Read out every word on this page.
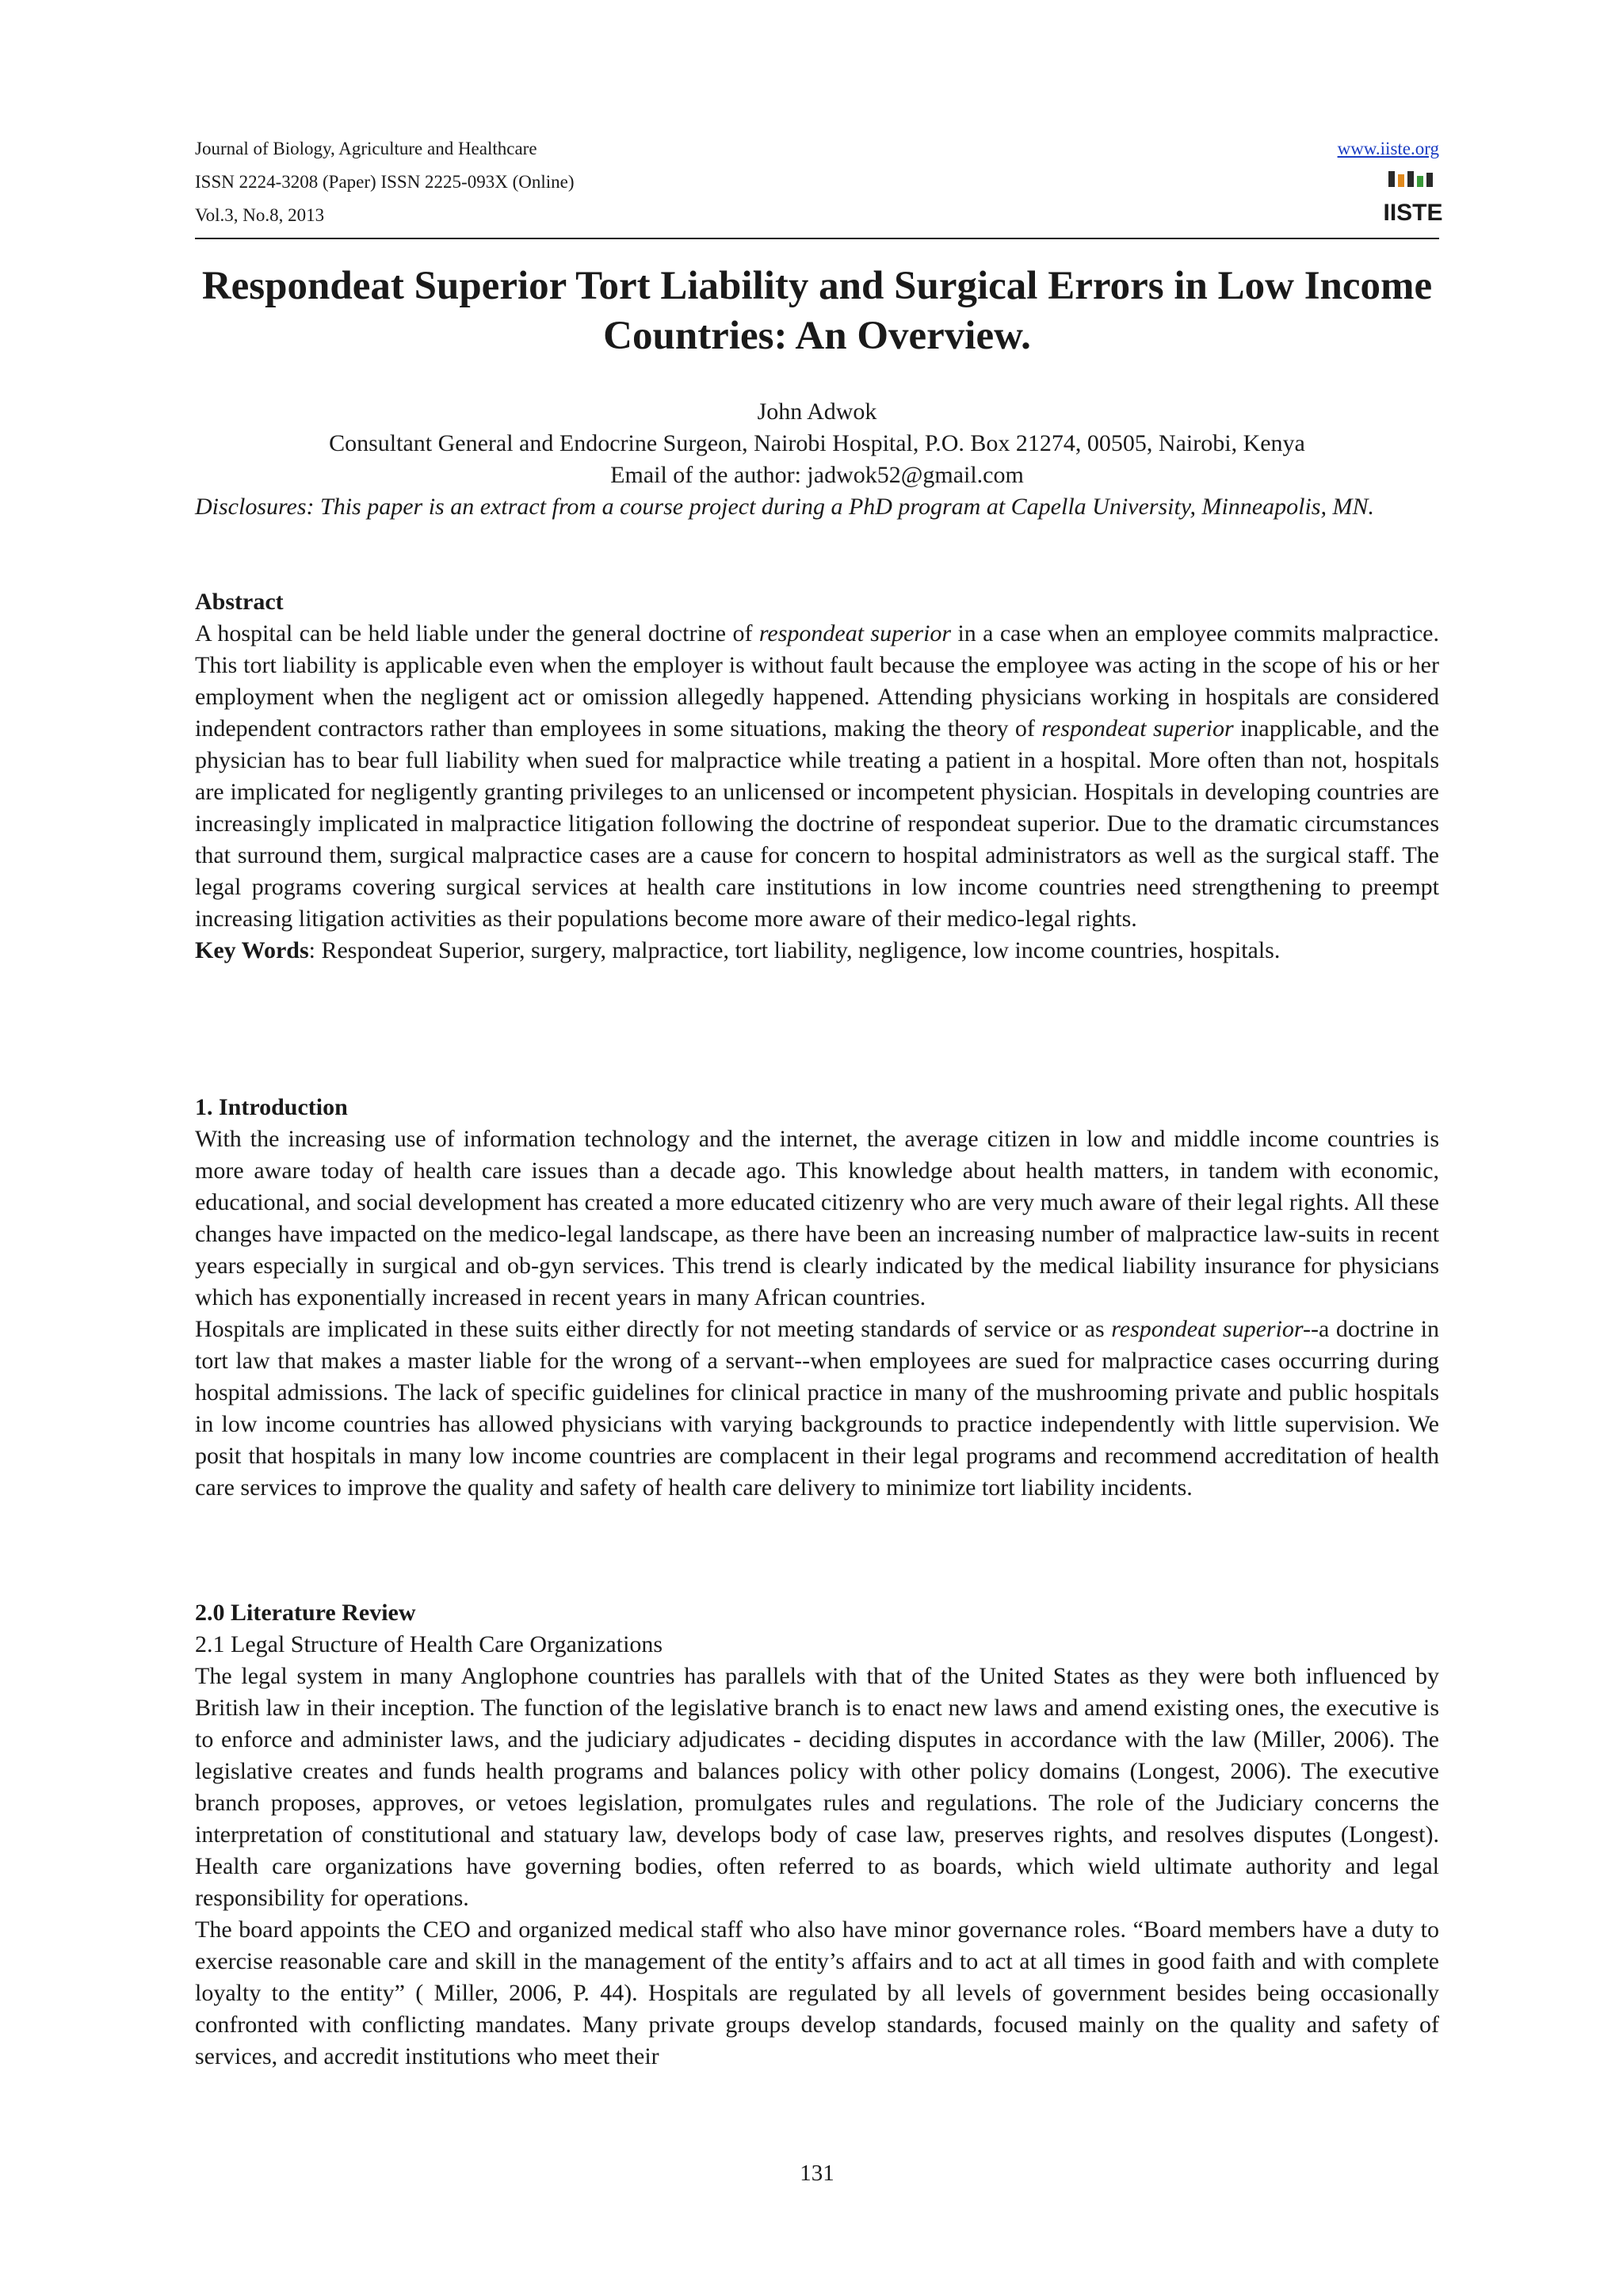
Journal of Biology, Agriculture and Healthcare
ISSN 2224-3208 (Paper) ISSN 2225-093X (Online)
Vol.3, No.8, 2013
www.iiste.org
IISTE
Respondeat Superior Tort Liability and Surgical Errors in Low Income Countries: An Overview.
John Adwok
Consultant General and Endocrine Surgeon, Nairobi Hospital, P.O. Box 21274, 00505, Nairobi, Kenya
Email of the author: jadwok52@gmail.com
Disclosures: This paper is an extract from a course project during a PhD program at Capella University, Minneapolis, MN.

Abstract

A hospital can be held liable under the general doctrine of respondeat superior in a case when an employee commits malpractice. This tort liability is applicable even when the employer is without fault because the employee was acting in the scope of his or her employment when the negligent act or omission allegedly happened. Attending physicians working in hospitals are considered independent contractors rather than employees in some situations, making the theory of respondeat superior inapplicable, and the physician has to bear full liability when sued for malpractice while treating a patient in a hospital. More often than not, hospitals are implicated for negligently granting privileges to an unlicensed or incompetent physician. Hospitals in developing countries are increasingly implicated in malpractice litigation following the doctrine of respondeat superior. Due to the dramatic circumstances that surround them, surgical malpractice cases are a cause for concern to hospital administrators as well as the surgical staff. The legal programs covering surgical services at health care institutions in low income countries need strengthening to preempt increasing litigation activities as their populations become more aware of their medico-legal rights.

Key Words: Respondeat Superior, surgery, malpractice, tort liability, negligence, low income countries, hospitals.

1. Introduction

With the increasing use of information technology and the internet, the average citizen in low and middle income countries is more aware today of health care issues than a decade ago. This knowledge about health matters, in tandem with economic, educational, and social development has created a more educated citizenry who are very much aware of their legal rights. All these changes have impacted on the medico-legal landscape, as there have been an increasing number of malpractice law-suits in recent years especially in surgical and ob-gyn services. This trend is clearly indicated by the medical liability insurance for physicians which has exponentially increased in recent years in many African countries.

Hospitals are implicated in these suits either directly for not meeting standards of service or as respondeat superior--a doctrine in tort law that makes a master liable for the wrong of a servant--when employees are sued for malpractice cases occurring during hospital admissions. The lack of specific guidelines for clinical practice in many of the mushrooming private and public hospitals in low income countries has allowed physicians with varying backgrounds to practice independently with little supervision. We posit that hospitals in many low income countries are complacent in their legal programs and recommend accreditation of health care services to improve the quality and safety of health care delivery to minimize tort liability incidents.

2.0 Literature Review

2.1 Legal Structure of Health Care Organizations

The legal system in many Anglophone countries has parallels with that of the United States as they were both influenced by British law in their inception. The function of the legislative branch is to enact new laws and amend existing ones, the executive is to enforce and administer laws, and the judiciary adjudicates - deciding disputes in accordance with the law (Miller, 2006). The legislative creates and funds health programs and balances policy with other policy domains (Longest, 2006). The executive branch proposes, approves, or vetoes legislation, promulgates rules and regulations. The role of the Judiciary concerns the interpretation of constitutional and statuary law, develops body of case law, preserves rights, and resolves disputes (Longest). Health care organizations have governing bodies, often referred to as boards, which wield ultimate authority and legal responsibility for operations.

The board appoints the CEO and organized medical staff who also have minor governance roles. “Board members have a duty to exercise reasonable care and skill in the management of the entity’s affairs and to act at all times in good faith and with complete loyalty to the entity” ( Miller, 2006, P. 44). Hospitals are regulated by all levels of government besides being occasionally confronted with conflicting mandates. Many private groups develop standards, focused mainly on the quality and safety of services, and accredit institutions who meet their

131
